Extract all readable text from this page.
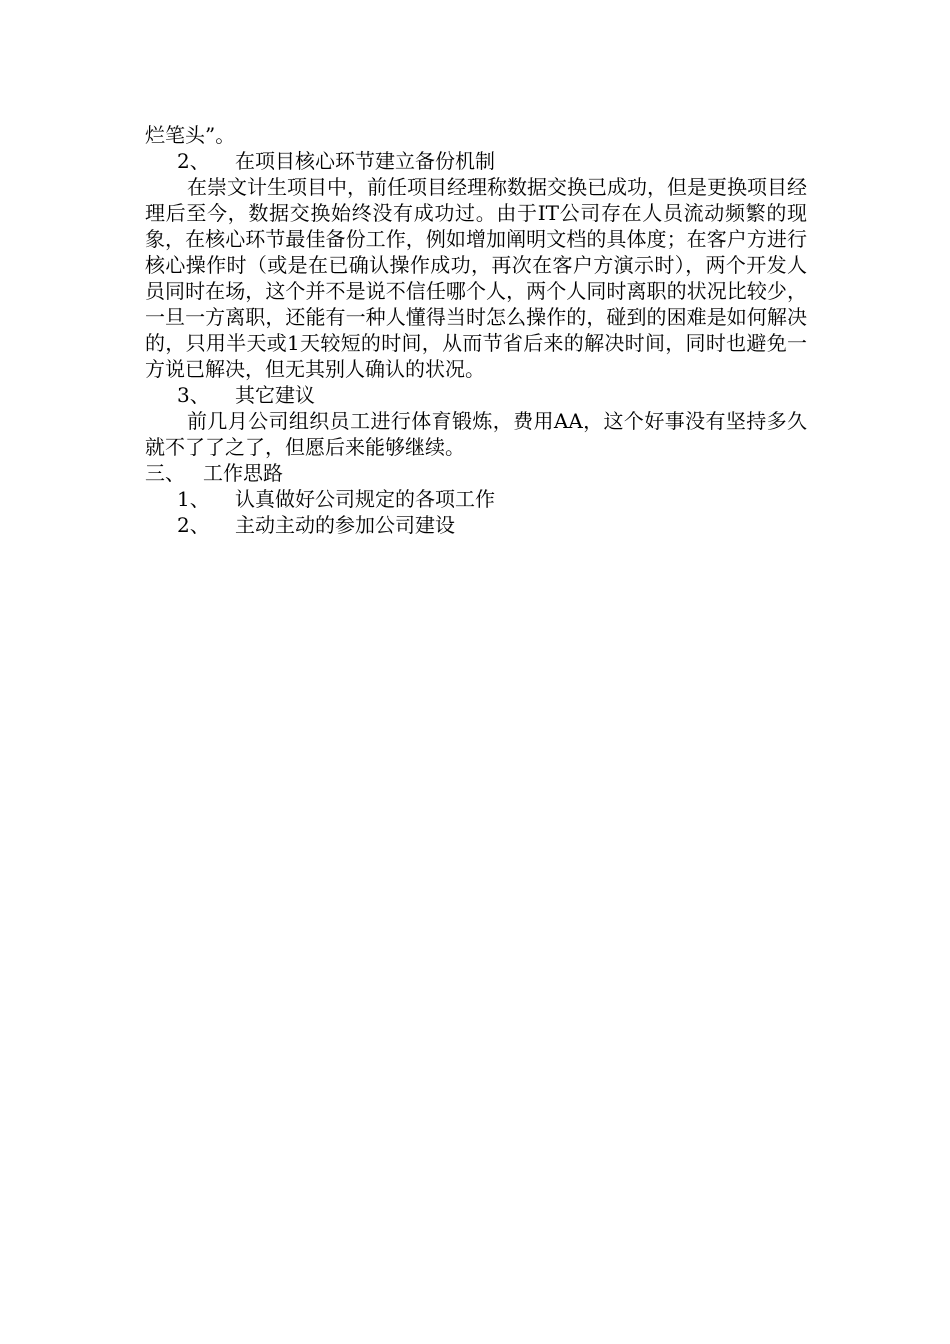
烂笔头”。
2、	在项目核心环节建立备份机制
在崇文计生项目中，前任项目经理称数据交换已成功，但是更换项目经理后至今，数据交换始终没有成功过。由于IT公司存在人员流动频繁的现象，在核心环节最佳备份工作，例如增加阐明文档的具体度；在客户方进行核心操作时（或是在已确认操作成功，再次在客户方演示时），两个开发人员同时在场，这个并不是说不信任哪个人，两个人同时离职的状况比较少，一旦一方离职，还能有一种人懂得当时怎么操作的，碰到的困难是如何解决的，只用半天或1天较短的时间，从而节省后来的解决时间，同时也避免一方说已解决，但无其别人确认的状况。
3、	其它建议
前几月公司组织员工进行体育锻炼，费用AA，这个好事没有坚持多久就不了了之了，但愿后来能够继续。
三、 工作思路
1、	认真做好公司规定的各项工作
2、	主动主动的参加公司建设
